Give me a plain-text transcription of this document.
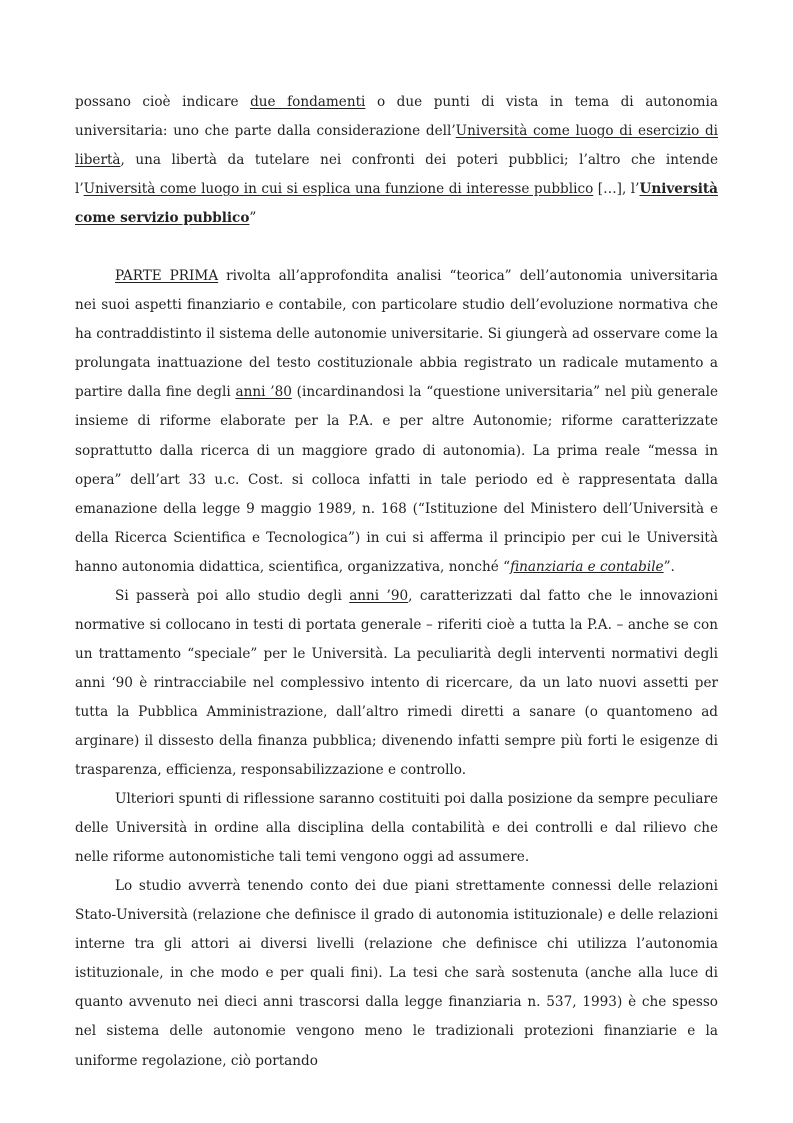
possano cioè indicare due fondamenti o due punti di vista in tema di autonomia universitaria: uno che parte dalla considerazione dell’Università come luogo di esercizio di libertà, una libertà da tutelare nei confronti dei poteri pubblici; l’altro che intende l’Università come luogo in cui si esplica una funzione di interesse pubblico […], l’Università come servizio pubblico”

PARTE PRIMA rivolta all’approfondita analisi “teorica” dell’autonomia universitaria nei suoi aspetti finanziario e contabile, con particolare studio dell’evoluzione normativa che ha contraddistinto il sistema delle autonomie universitarie. Si giungerà ad osservare come la prolungata inattuazione del testo costituzionale abbia registrato un radicale mutamento a partire dalla fine degli anni ’80 (incardinandosi la “questione universitaria” nel più generale insieme di riforme elaborate per la P.A. e per altre Autonomie; riforme caratterizzate soprattutto dalla ricerca di un maggiore grado di autonomia). La prima reale “messa in opera” dell’art 33 u.c. Cost. si colloca infatti in tale periodo ed è rappresentata dalla emanazione della legge 9 maggio 1989, n. 168 (“Istituzione del Ministero dell’Università e della Ricerca Scientifica e Tecnologica”) in cui si afferma il principio per cui le Università hanno autonomia didattica, scientifica, organizzativa, nonché “finanziaria e contabile”.

Si passerà poi allo studio degli anni ’90, caratterizzati dal fatto che le innovazioni normative si collocano in testi di portata generale – riferiti cioè a tutta la P.A. – anche se con un trattamento “speciale” per le Università. La peculiarità degli interventi normativi degli anni ‘90 è rintracciabile nel complessivo intento di ricercare, da un lato nuovi assetti per tutta la Pubblica Amministrazione, dall’altro rimedi diretti a sanare (o quantomeno ad arginare) il dissesto della finanza pubblica; divenendo infatti sempre più forti le esigenze di trasparenza, efficienza, responsabilizzazione e controllo.

Ulteriori spunti di riflessione saranno costituiti poi dalla posizione da sempre peculiare delle Università in ordine alla disciplina della contabilità e dei controlli e dal rilievo che nelle riforme autonomistiche tali temi vengono oggi ad assumere.

Lo studio avverrà tenendo conto dei due piani strettamente connessi delle relazioni Stato-Università (relazione che definisce il grado di autonomia istituzionale) e delle relazioni interne tra gli attori ai diversi livelli (relazione che definisce chi utilizza l’autonomia istituzionale, in che modo e per quali fini). La tesi che sarà sostenuta (anche alla luce di quanto avvenuto nei dieci anni trascorsi dalla legge finanziaria n. 537, 1993) è che spesso nel sistema delle autonomie vengono meno le tradizionali protezioni finanziarie e la uniforme regolazione, ciò portando
